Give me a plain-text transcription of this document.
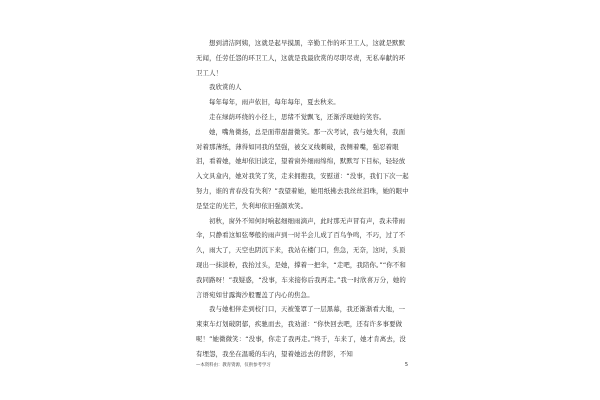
想到清洁阿姨，这就是起早摸黑，辛勤工作的环卫工人，这就是默默无闻，任劳任怨的环卫工人，这就是我最欣赏的尽职尽责，无私奉献的环卫工人！

我欣赏的人

每年每年，雨声依旧，每年每年，夏去秋来。

走在绿荫环绕的小径上，思绪不觉飘飞，还渐浮现她的笑容。

她，嘴角微扬，总是面带甜甜微笑。那一次考试，我与她失利，我面对着那薄纸，薄得如同我的坚强，被交叉线刺破，我侧着嘴，强忍着眼泪，看着她，她却依旧淡定，望着窗外细雨绵绵，默默写下目标，轻轻放入文具盒内，她对我笑了笑，走来拥抱我，安慰道：“没事，我们下次一起努力，谁的青春没有失利？”我望着她，她用纸拂去我丝丝泪珠，她的眼中是坚定的光芒，失利却依旧强颜欢笑。

初秋，窗外不知何时响起细细雨滴声，此时那无声冒有声，我未带雨伞，只静看这如弦琴般的雨声到一时半会儿成了百鸟争鸣，不巧，过了不久，雨大了，天空也阴沉下来，我站在楼门口，焦急，无奈，这时，头顶现出一抹淡粉，我抬过头，是她，撑着一把伞，“走吧，我陪你。”“你不和我同路呀！”我疑惑，“没事，车来接你后我再走。”我一时欣喜万分，她的言语宛如甘露淘沙般覆盖了内心的焦急。

我与她相伴走到校门口，天被笼罩了一层黑幕，我还渐渐看大地，一束束车灯划破阴郁，疾驰而去，我劝道：“你快回去吧，还有许多事要做呢！”她微微笑：“没事，你走了我再走。”终于，车来了，她才肯离去，没有埋怨，我坐在温暖的车内，望着她远去的背影，不知

—本资料由：教育资源，仅供参考学习	5
